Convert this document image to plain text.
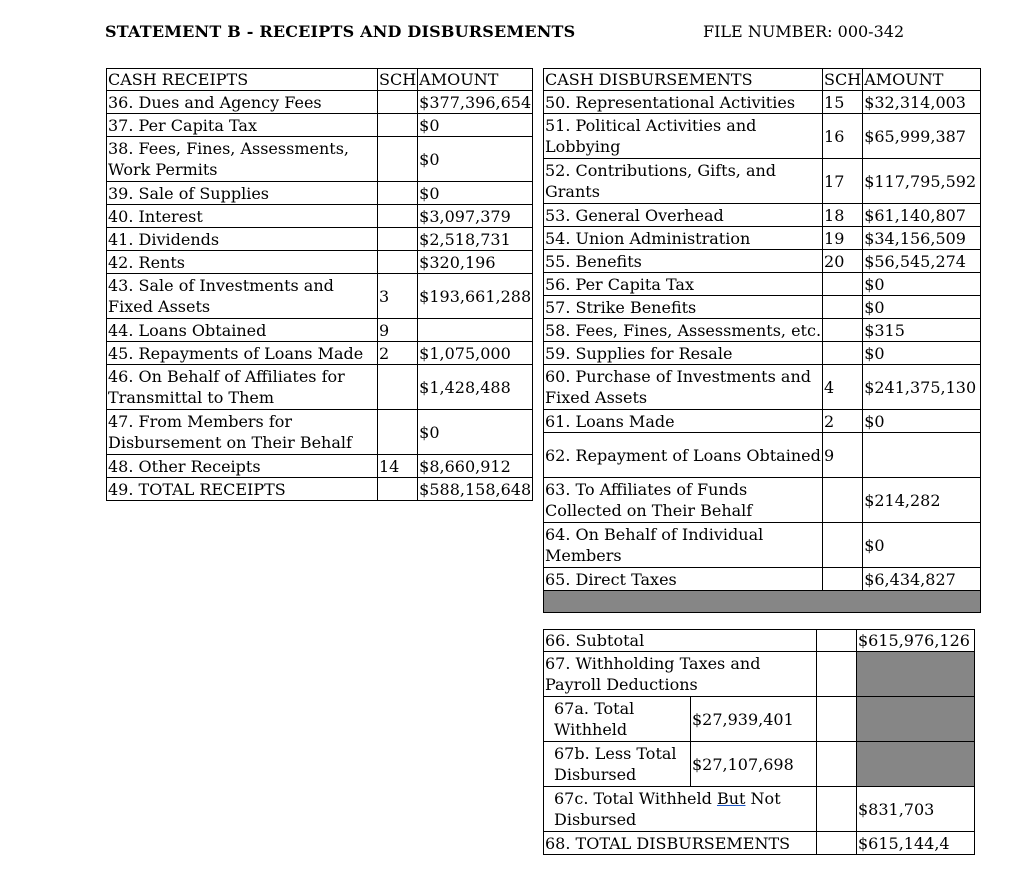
STATEMENT B - RECEIPTS AND DISBURSEMENTS	FILE NUMBER: 000-342
CASH RECEIPTS	SCH	AMOUNT
36. Dues and Agency Fees		$377,396,654
37. Per Capita Tax		$0
38. Fees, Fines, Assessments, Work Permits		$0
39. Sale of Supplies		$0
40. Interest		$3,097,379
41. Dividends		$2,518,731
42. Rents		$320,196
43. Sale of Investments and Fixed Assets	3	$193,661,288
44. Loans Obtained	9	
45. Repayments of Loans Made	2	$1,075,000
46. On Behalf of Affiliates for Transmittal to Them		$1,428,488
47. From Members for Disbursement on Their Behalf		$0
48. Other Receipts	14	$8,660,912
49. TOTAL RECEIPTS		$588,158,648
CASH DISBURSEMENTS	SCH	AMOUNT
50. Representational Activities	15	$32,314,003
51. Political Activities and Lobbying	16	$65,999,387
52. Contributions, Gifts, and Grants	17	$117,795,592
53. General Overhead	18	$61,140,807
54. Union Administration	19	$34,156,509
55. Benefits	20	$56,545,274
56. Per Capita Tax		$0
57. Strike Benefits		$0
58. Fees, Fines, Assessments, etc.		$315
59. Supplies for Resale		$0
60. Purchase of Investments and Fixed Assets	4	$241,375,130
61. Loans Made	2	$0
62. Repayment of Loans Obtained	9	
63. To Affiliates of Funds Collected on Their Behalf		$214,282
64. On Behalf of Individual Members		$0
65. Direct Taxes		$6,434,827

66. Subtotal			$615,976,126
67. Withholding Taxes and Payroll Deductions			
67a. Total Withheld	$27,939,401		
67b. Less Total Disbursed	$27,107,698		
67c. Total Withheld But Not Disbursed			$831,703
68. TOTAL DISBURSEMENTS			$615,144,4
